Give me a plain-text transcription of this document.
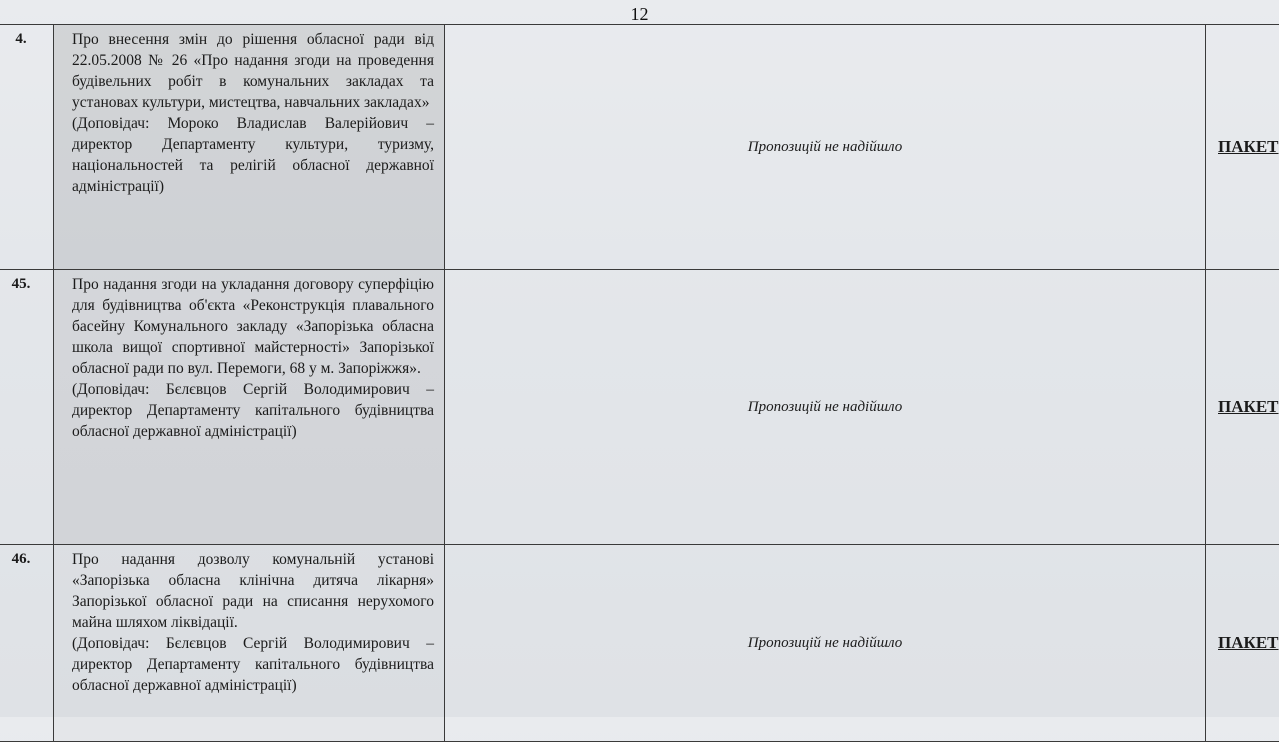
12
4.	Про внесення змін до рішення обласної ради від 22.05.2008 № 26 «Про надання згоди на проведення будівельних робіт в комунальних закладах та установах культури, мистецтва, навчальних закладах»
(Доповідач: Мороко Владислав Валерійович – директор Департаменту культури, туризму, національностей та релігій обласної державної адміністрації)	Пропозицій не надійшло	ПАКЕТ
45.	Про надання згоди на укладання договору суперфіцію для будівництва об'єкта «Реконструкція плавального басейну Комунального закладу «Запорізька обласна школа вищої спортивної майстерності» Запорізької обласної ради по вул. Перемоги, 68 у м. Запоріжжя».
(Доповідач: Бєлєвцов Сергій Володимирович – директор Департаменту капітального будівництва обласної державної адміністрації)	Пропозицій не надійшло	ПАКЕТ
46.	Про надання дозволу комунальній установі «Запорізька обласна клінічна дитяча лікарня» Запорізької обласної ради на списання нерухомого майна шляхом ліквідації.
(Доповідач: Бєлєвцов Сергій Володимирович – директор Департаменту капітального будівництва обласної державної адміністрації)	Пропозицій не надійшло	ПАКЕТ
